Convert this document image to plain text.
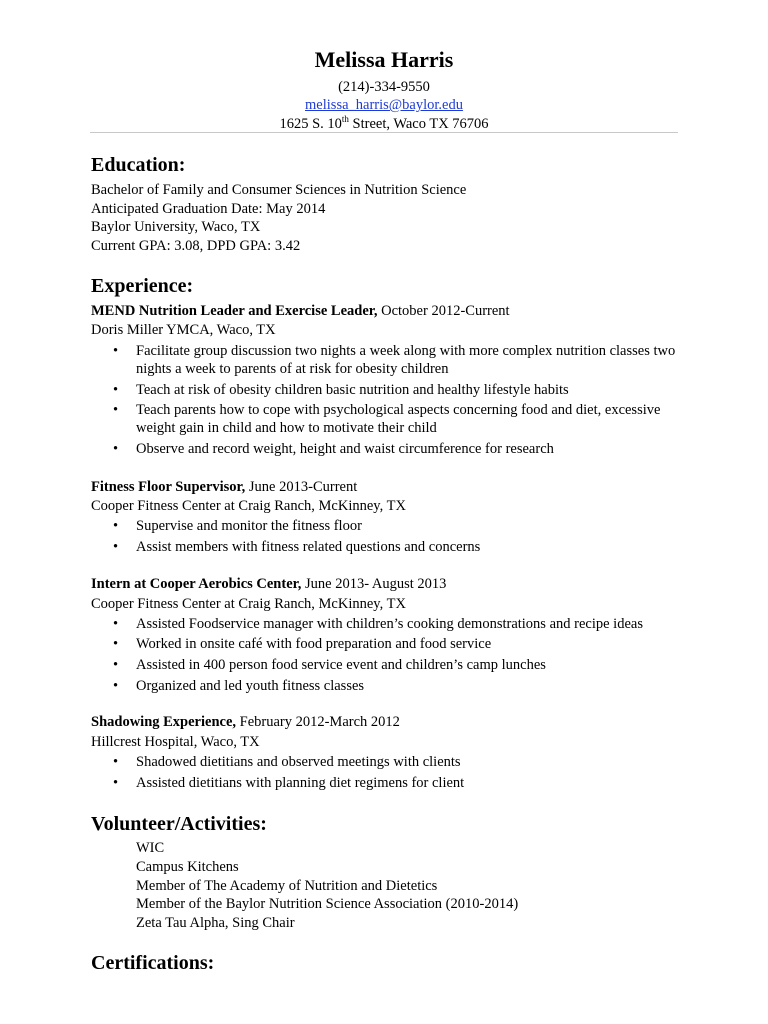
Melissa Harris
(214)-334-9550
melissa_harris@baylor.edu
1625 S. 10th Street, Waco TX 76706
Education:
Bachelor of Family and Consumer Sciences in Nutrition Science
Anticipated Graduation Date: May 2014
Baylor University, Waco, TX
Current GPA: 3.08, DPD GPA: 3.42
Experience:
MEND Nutrition Leader and Exercise Leader, October 2012-Current
Doris Miller YMCA, Waco, TX
• Facilitate group discussion two nights a week along with more complex nutrition classes two nights a week to parents of at risk for obesity children
• Teach at risk of obesity children basic nutrition and healthy lifestyle habits
• Teach parents how to cope with psychological aspects concerning food and diet, excessive weight gain in child and how to motivate their child
• Observe and record weight, height and waist circumference for research
Fitness Floor Supervisor, June 2013-Current
Cooper Fitness Center at Craig Ranch, McKinney, TX
• Supervise and monitor the fitness floor
• Assist members with fitness related questions and concerns
Intern at Cooper Aerobics Center, June 2013- August 2013
Cooper Fitness Center at Craig Ranch, McKinney, TX
• Assisted Foodservice manager with children’s cooking demonstrations and recipe ideas
• Worked in onsite café with food preparation and food service
• Assisted in 400 person food service event and children’s camp lunches
• Organized and led youth fitness classes
Shadowing Experience, February 2012-March 2012
Hillcrest Hospital, Waco, TX
• Shadowed dietitians and observed meetings with clients
• Assisted dietitians with planning diet regimens for client
Volunteer/Activities:
WIC
Campus Kitchens
Member of The Academy of Nutrition and Dietetics
Member of the Baylor Nutrition Science Association (2010-2014)
Zeta Tau Alpha, Sing Chair
Certifications:
